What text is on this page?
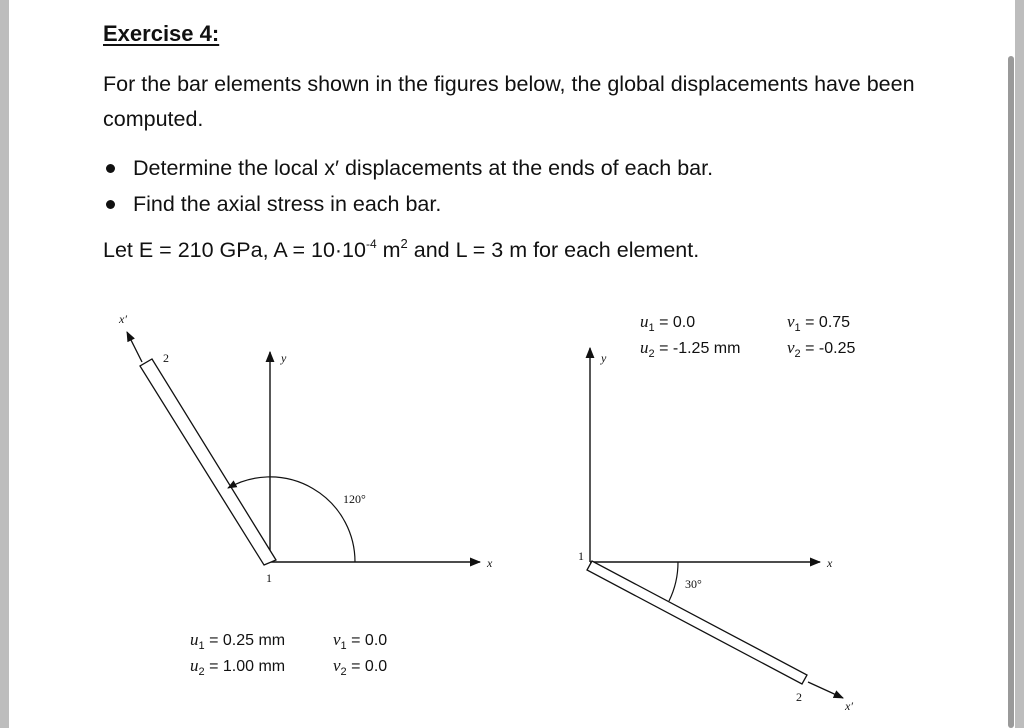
Exercise 4:
For the bar elements shown in the figures below, the global displacements have been computed.
Determine the local x′ displacements at the ends of each bar.
Find the axial stress in each bar.
Let E = 210 GPa, $A = 10\cdot 10^{-4}$ $m^2$ and L = 3 m for each element.
x′
y
x
2
1
120°
y
x
x′
1
2
30°
$u_1 = 0.0$
$u_2 = -1.25$ mm
$v_1 = 0.75$
$v_2 = -0.25$
$u_1 = 0.25$ mm
$u_2 = 1.00$ mm
$v_1 = 0.0$
$v_2 = 0.0$
